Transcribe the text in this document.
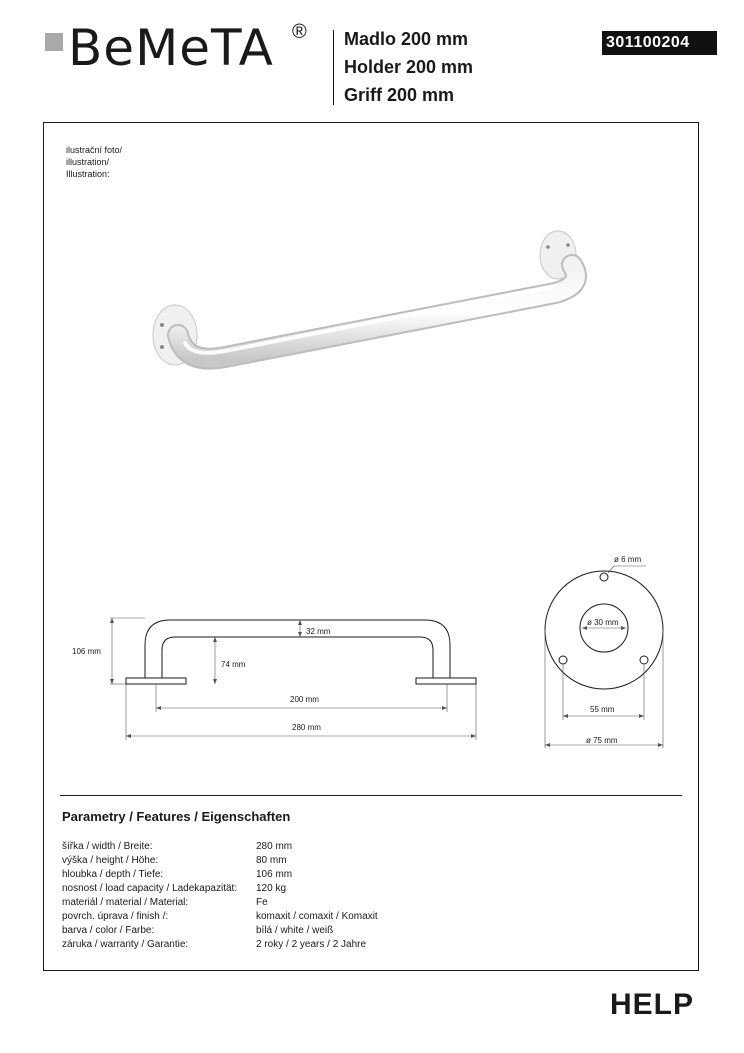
BeMeTA ® Madlo 200 mm
Holder 200 mm
Griff 200 mm
301100204
ilustrační foto/
illustration/
Illustration:
106 mm
32 mm
74 mm
200 mm
280 mm
ø 6 mm
ø 30 mm
55 mm
ø 75 mm
Parametry / Features / Eigenschaften
šířka / width / Breite:	280 mm
výška / height / Höhe:	80 mm
hloubka / depth / Tiefe:	106 mm
nosnost / load capacity / Ladekapazität: 120 kg
materiál / material / Material:	Fe
povrch. úprava / finish /:	komaxit / comaxit / Komaxit
barva / color / Farbe:	bílá / white / weiß
záruka / warranty / Garantie:	2 roky / 2 years / 2 Jahre
HELP
